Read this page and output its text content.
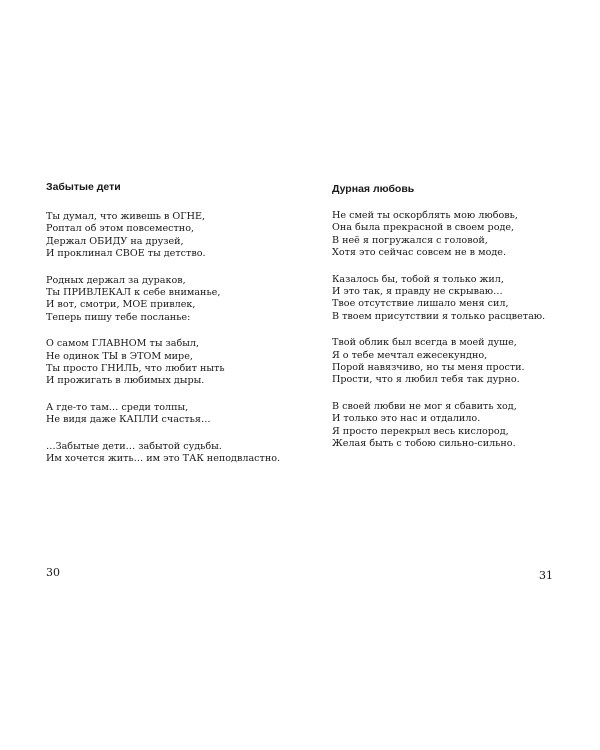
Забытые дети
Ты думал, что живешь в ОГНЕ,
Роптал об этом повсеместно,
Держал ОБИДУ на друзей,
И проклинал СВОЕ ты детство.
Родных держал за дураков,
Ты ПРИВЛЕКАЛ к себе вниманье,
И вот, смотри, МОЕ привлек,
Теперь пишу тебе посланье:
О самом ГЛАВНОМ ты забыл,
Не одинок ТЫ в ЭТОМ мире,
Ты просто ГНИЛЬ, что любит ныть
И прожигать в любимых дыры.
А где-то там… среди толпы,
Не видя даже КАПЛИ счастья…
…Забытые дети… забытой судьбы.
Им хочется жить… им это ТАК неподвластно.
30
Дурная любовь
Не смей ты оскорблять мою любовь,
Она была прекрасной в своем роде,
В неё я погружался с головой,
Хотя это сейчас совсем не в моде.
Казалось бы, тобой я только жил,
И это так, я правду не скрываю…
Твое отсутствие лишало меня сил,
В твоем присутствии я только расцветаю.
Твой облик был всегда в моей душе,
Я о тебе мечтал ежесекундно,
Порой навязчиво, но ты меня прости.
Прости, что я любил тебя так дурно.
В своей любви не мог я сбавить ход,
И только это нас и отдалило.
Я просто перекрыл весь кислород,
Желая быть с тобою сильно-сильно.
31
